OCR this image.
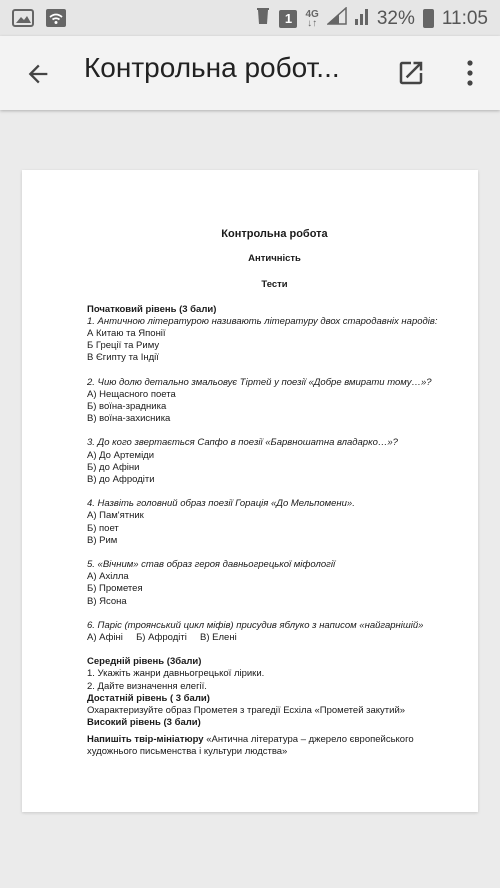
1	4G
↓↑	32% 11:05
Контрольна робот...
Контрольна робота
Античність
Тести
Початковий рівень (3 бали)
1. Античною літературою називають літературу двох стародавніх народів:
А Китаю та Японії
Б Греції та Риму
В Єгипту та Індії
2. Чию долю детально змальовує Тіртей у поезії «Добре вмирати тому…»?
А) Нещасного поета
Б) воїна-зрадника
В) воїна-захисника
3. До кого звертається Сапфо в поезії «Барвношатна владарко…»?
А) До Артеміди
Б) до Афіни
В) до Афродіти
4. Назвіть головний образ поезії Горація «До Мельпомени».
А) Пам'ятник
Б) поет
В) Рим
5. «Вічним» став образ героя давньогрецької міфології
А) Ахілла
Б) Прометея
В) Ясона
6. Паріс (троянський цикл міфів) присудив яблуко з написом «найгарнішій»
А) Афіні     Б) Афродіті     В) Елені
Середній рівень (3бали)
1. Укажіть жанри давньогрецької лірики.
2. Дайте визначення елегії.
Достатній рівень ( 3 бали)
Охарактеризуйте образ Прометея з трагедії Есхіла «Прометей закутий»
Високий рівень (3 бали)
Напишіть твір-мініатюру «Антична література – джерело європейського
художнього письменства і культури людства»
